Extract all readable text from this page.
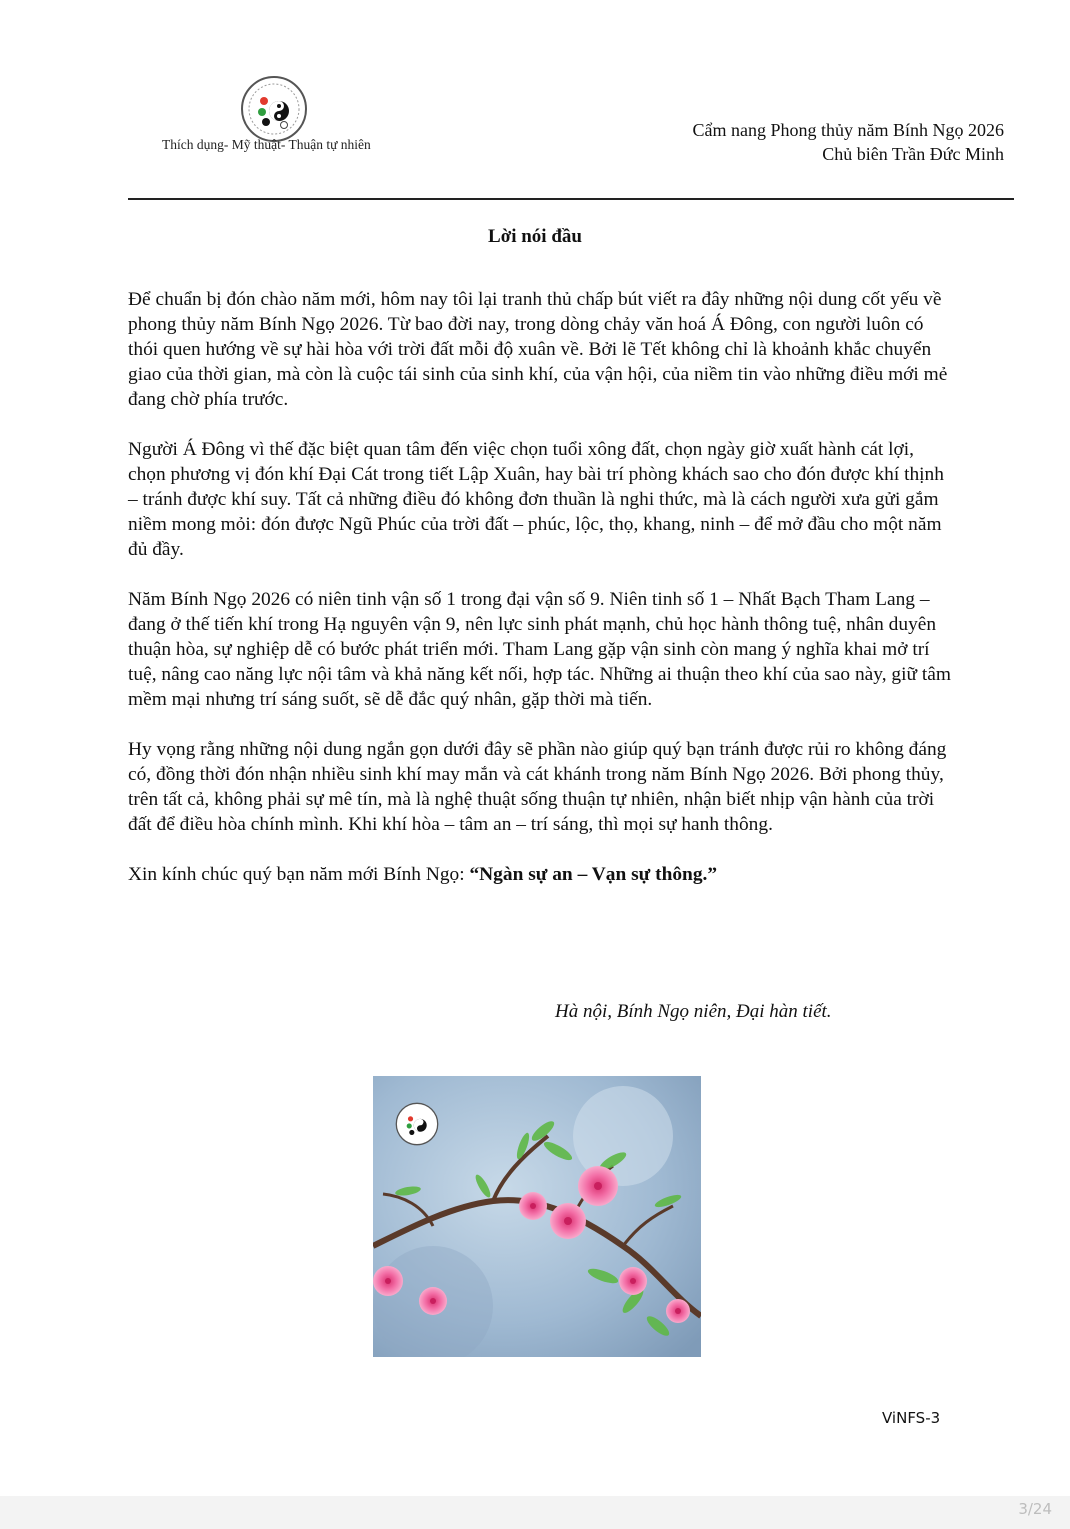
Thích dụng- Mỹ thuật- Thuận tự nhiên
Cẩm nang Phong thủy năm Bính Ngọ 2026
Chủ biên Trần Đức Minh
Lời nói đầu

Để chuẩn bị đón chào năm mới, hôm nay tôi lại tranh thủ chấp bút viết ra đây những nội dung cốt yếu về phong thủy năm Bính Ngọ 2026. Từ bao đời nay, trong dòng chảy văn hoá Á Đông, con người luôn có thói quen hướng về sự hài hòa với trời đất mỗi độ xuân về. Bởi lẽ Tết không chỉ là khoảnh khắc chuyển giao của thời gian, mà còn là cuộc tái sinh của sinh khí, của vận hội, của niềm tin vào những điều mới mẻ đang chờ phía trước.

Người Á Đông vì thế đặc biệt quan tâm đến việc chọn tuổi xông đất, chọn ngày giờ xuất hành cát lợi, chọn phương vị đón khí Đại Cát trong tiết Lập Xuân, hay bài trí phòng khách sao cho đón được khí thịnh – tránh được khí suy. Tất cả những điều đó không đơn thuần là nghi thức, mà là cách người xưa gửi gắm niềm mong mỏi: đón được Ngũ Phúc của trời đất – phúc, lộc, thọ, khang, ninh – để mở đầu cho một năm đủ đầy.

Năm Bính Ngọ 2026 có niên tinh vận số 1 trong đại vận số 9. Niên tinh số 1 – Nhất Bạch Tham Lang – đang ở thế tiến khí trong Hạ nguyên vận 9, nên lực sinh phát mạnh, chủ học hành thông tuệ, nhân duyên thuận hòa, sự nghiệp dễ có bước phát triển mới. Tham Lang gặp vận sinh còn mang ý nghĩa khai mở trí tuệ, nâng cao năng lực nội tâm và khả năng kết nối, hợp tác. Những ai thuận theo khí của sao này, giữ tâm mềm mại nhưng trí sáng suốt, sẽ dễ đắc quý nhân, gặp thời mà tiến.

Hy vọng rằng những nội dung ngắn gọn dưới đây sẽ phần nào giúp quý bạn tránh được rủi ro không đáng có, đồng thời đón nhận nhiều sinh khí may mắn và cát khánh trong năm Bính Ngọ 2026. Bởi phong thủy, trên tất cả, không phải sự mê tín, mà là nghệ thuật sống thuận tự nhiên, nhận biết nhịp vận hành của trời đất để điều hòa chính mình. Khi khí hòa – tâm an – trí sáng, thì mọi sự hanh thông.

Xin kính chúc quý bạn năm mới Bính Ngọ: “Ngàn sự an – Vạn sự thông.”

Hà nội, Bính Ngọ niên, Đại hàn tiết.
ViNFS-3
3/24
